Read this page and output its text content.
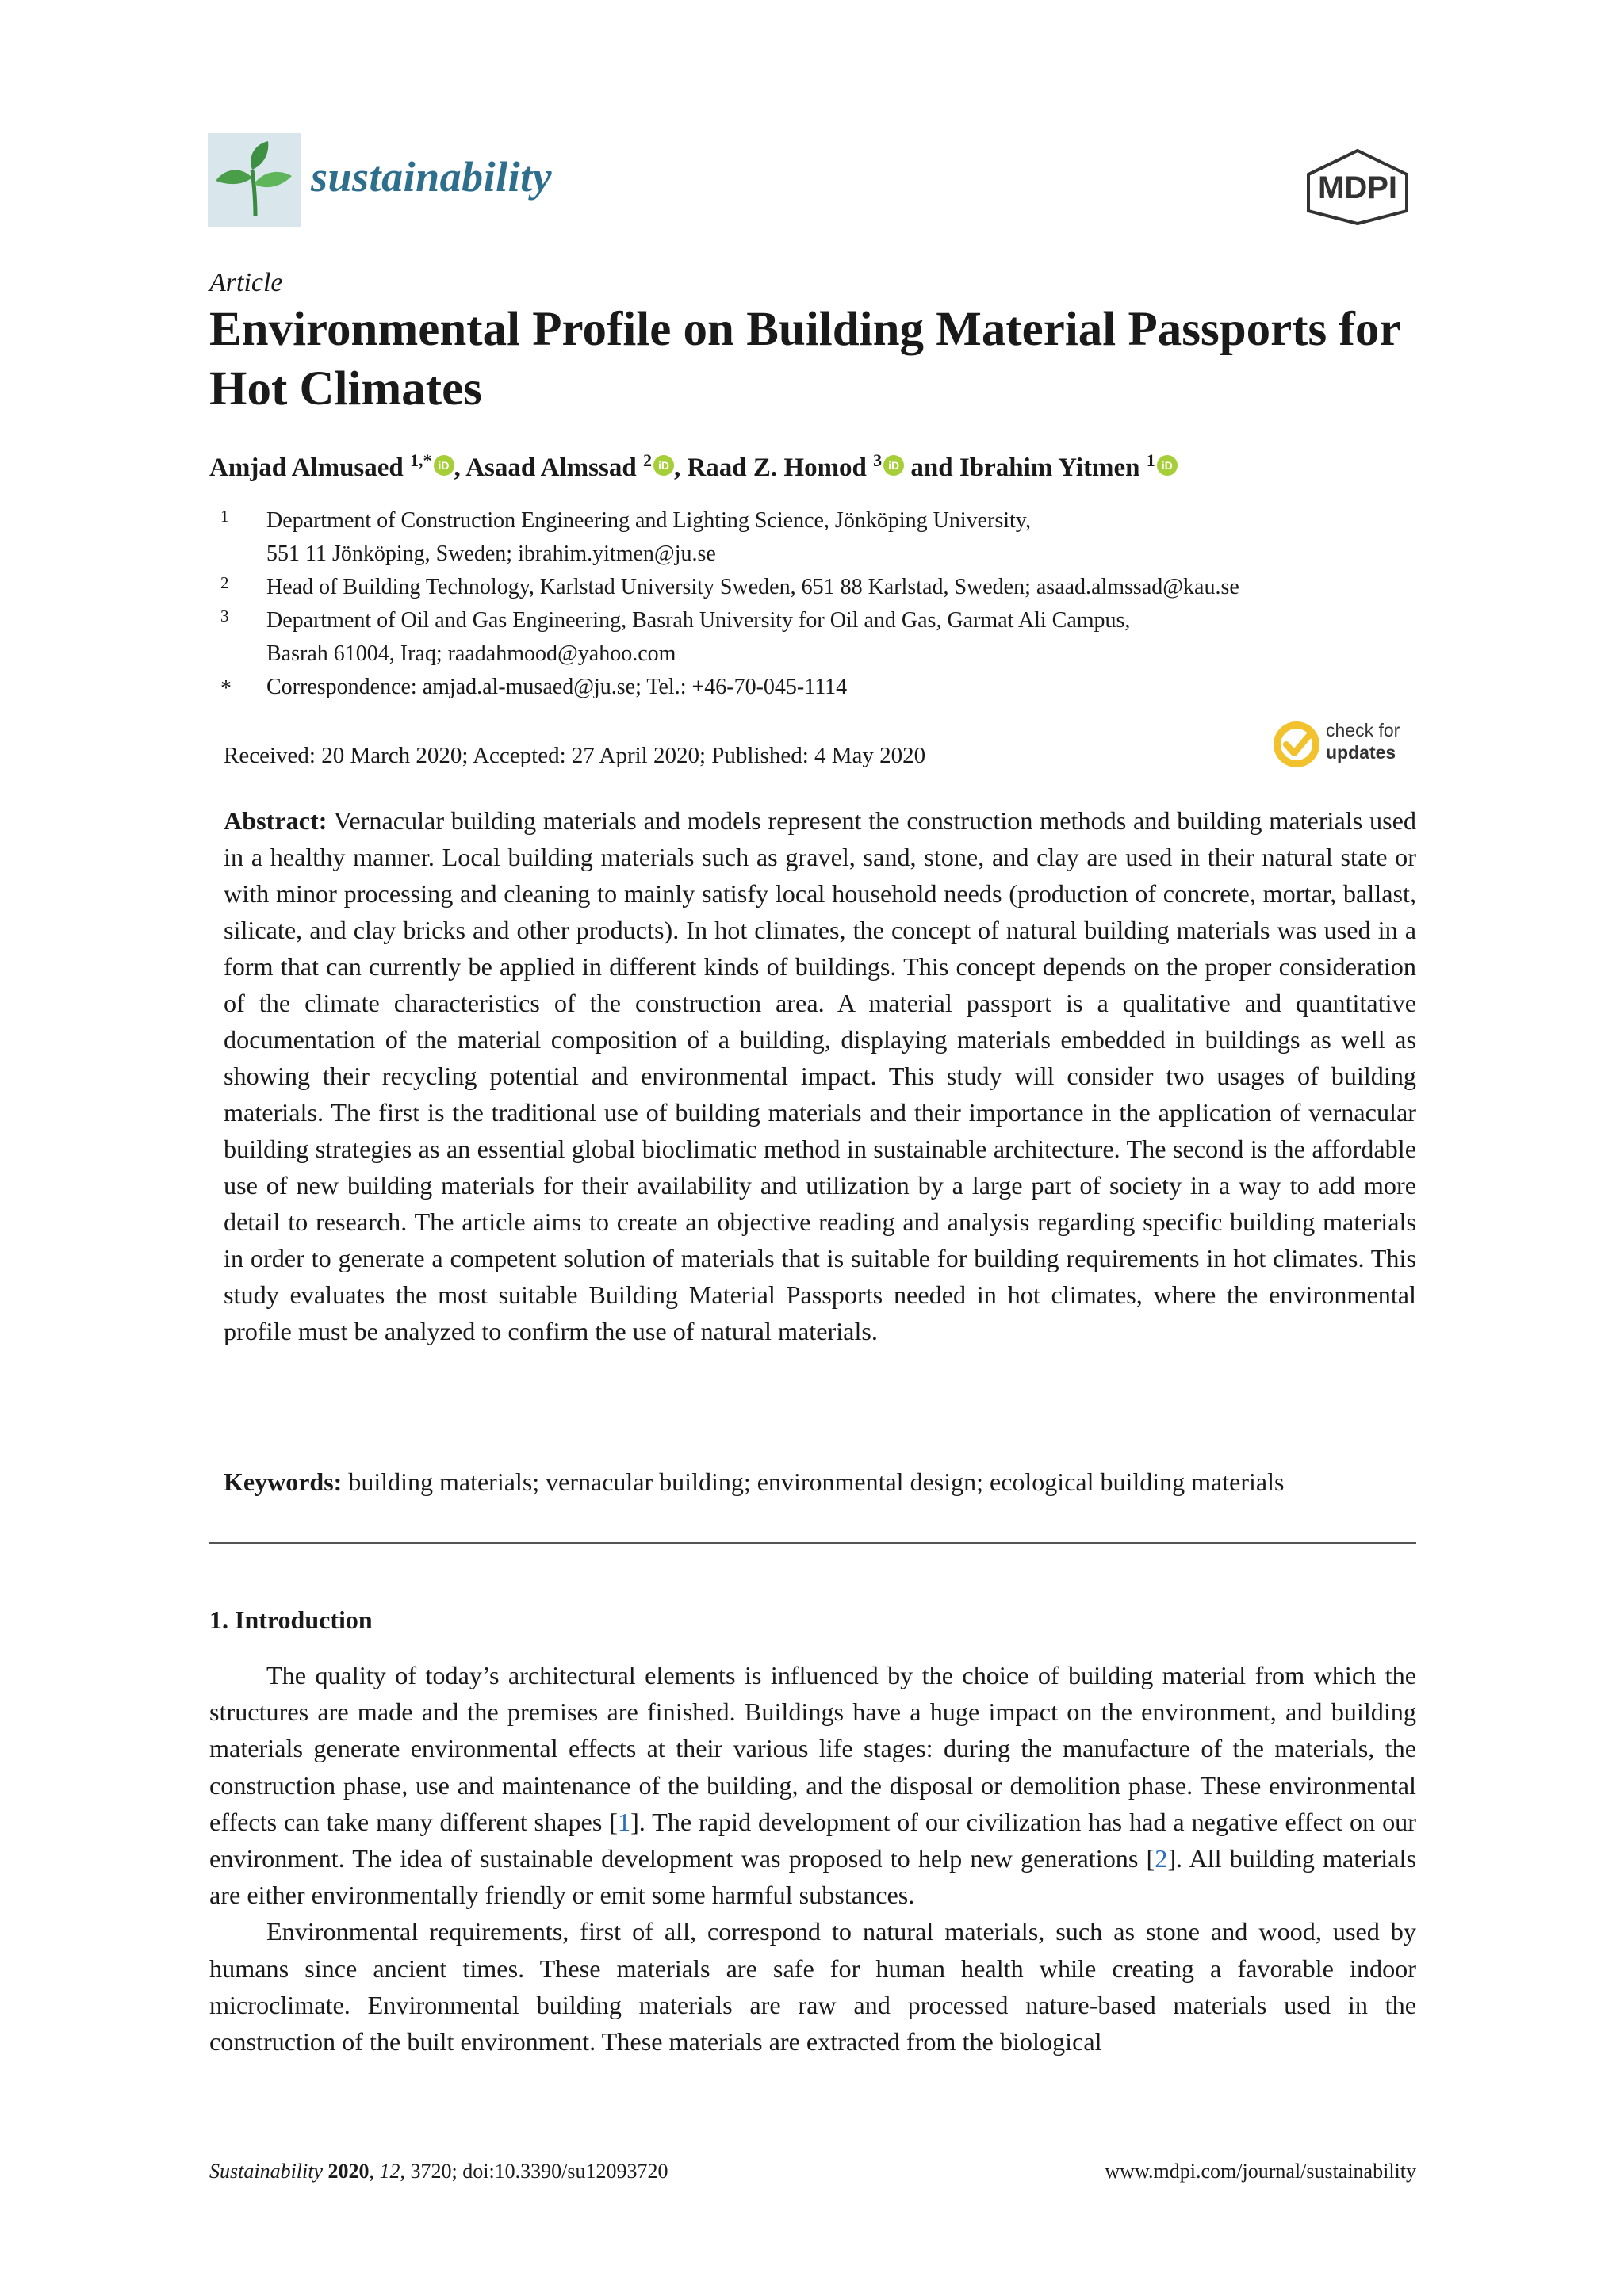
sustainability	MDPI
Article
Environmental Profile on Building Material Passports for Hot Climates
Amjad Almusaed $^{1,*}$ iD , Asaad Almssad $^2$ iD , Raad Z. Homod $^3$ iD and Ibrahim Yitmen $^1$ iD
1 Department of Construction Engineering and Lighting Science, Jönköping University,
551 11 Jönköping, Sweden; ibrahim.yitmen@ju.se
2 Head of Building Technology, Karlstad University Sweden, 651 88 Karlstad, Sweden; asaad.almssad@kau.se
3 Department of Oil and Gas Engineering, Basrah University for Oil and Gas, Garmat Ali Campus,
Basrah 61004, Iraq; raadahmood@yahoo.com
* Correspondence: amjad.al-musaed@ju.se; Tel.: +46-70-045-1114
Received: 20 March 2020; Accepted: 27 April 2020; Published: 4 May 2020
check for
updates
Abstract: Vernacular building materials and models represent the construction methods and building materials used in a healthy manner. Local building materials such as gravel, sand, stone, and clay are used in their natural state or with minor processing and cleaning to mainly satisfy local household needs (production of concrete, mortar, ballast, silicate, and clay bricks and other products). In hot climates, the concept of natural building materials was used in a form that can currently be applied in different kinds of buildings. This concept depends on the proper consideration of the climate characteristics of the construction area. A material passport is a qualitative and quantitative documentation of the material composition of a building, displaying materials embedded in buildings as well as showing their recycling potential and environmental impact. This study will consider two usages of building materials. The first is the traditional use of building materials and their importance in the application of vernacular building strategies as an essential global bioclimatic method in sustainable architecture. The second is the affordable use of new building materials for their availability and utilization by a large part of society in a way to add more detail to research. The article aims to create an objective reading and analysis regarding specific building materials in order to generate a competent solution of materials that is suitable for building requirements in hot climates. This study evaluates the most suitable Building Material Passports needed in hot climates, where the environmental profile must be analyzed to confirm the use of natural materials.
Keywords: building materials; vernacular building; environmental design; ecological building materials
1. Introduction

The quality of today’s architectural elements is influenced by the choice of building material from which the structures are made and the premises are finished. Buildings have a huge impact on the environment, and building materials generate environmental effects at their various life stages: during the manufacture of the materials, the construction phase, use and maintenance of the building, and the disposal or demolition phase. These environmental effects can take many different shapes [1]. The rapid development of our civilization has had a negative effect on our environment. The idea of sustainable development was proposed to help new generations [2]. All building materials are either environmentally friendly or emit some harmful substances.

Environmental requirements, first of all, correspond to natural materials, such as stone and wood, used by humans since ancient times. These materials are safe for human health while creating a favorable indoor microclimate. Environmental building materials are raw and processed nature-based materials used in the construction of the built environment. These materials are extracted from the biological

Sustainability 2020, 12, 3720; doi:10.3390/su12093720	www.mdpi.com/journal/sustainability
